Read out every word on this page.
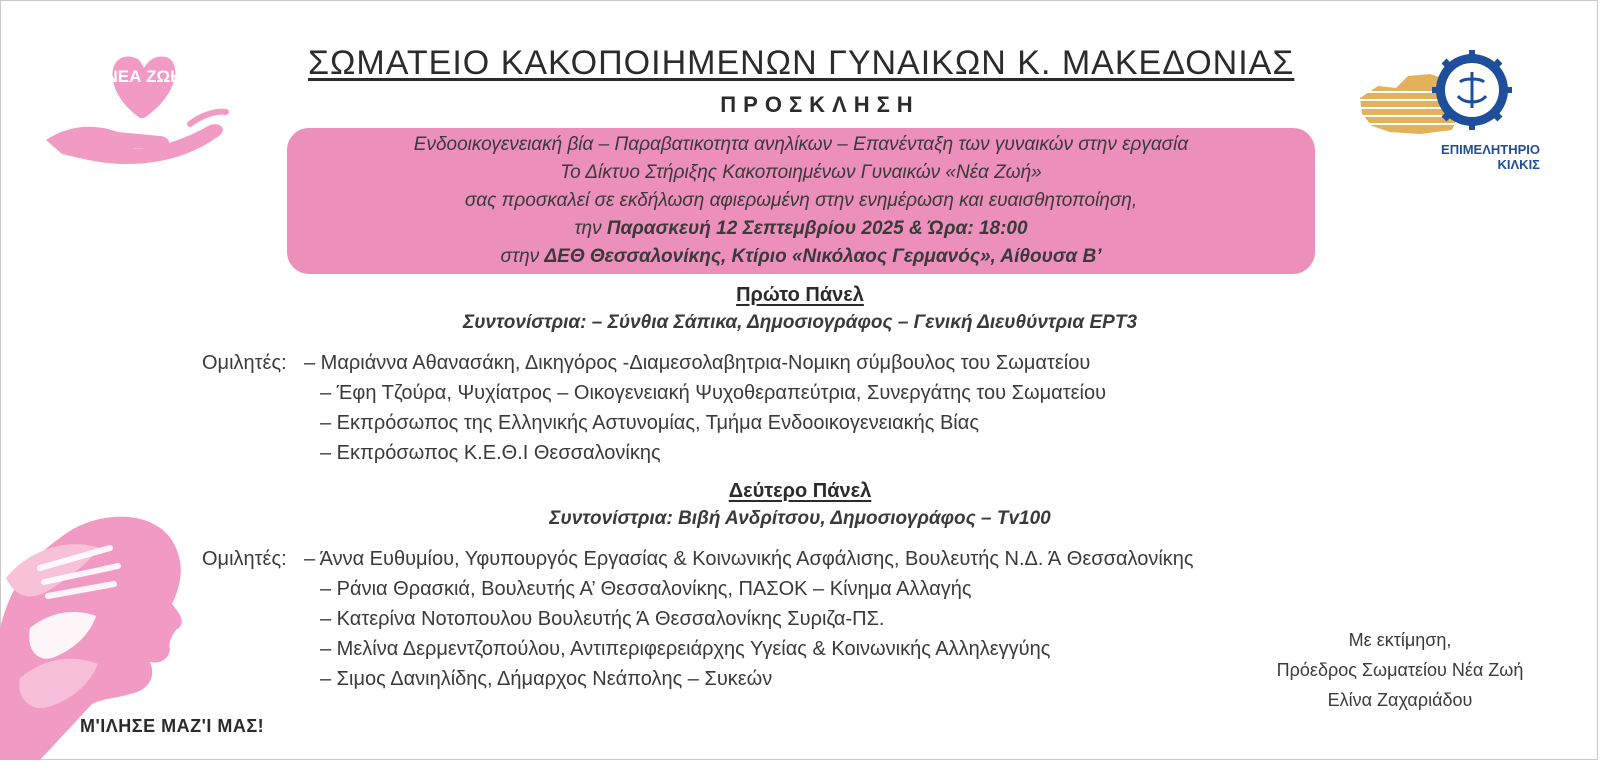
ΝΕΑ ΖΩΗ	ΣΩΜΑΤΕΙΟ ΚΑΚΟΠΟΙΗΜΕΝΩΝ ΓΥΝΑΙΚΩΝ Κ. ΜΑΚΕΔΟΝΙΑΣ
ΠΡΟΣΚΛΗΣΗ
ΕΠΙΜΕΛΗΤΗΡΙΟ
ΚΙΛΚΙΣ
Ενδοοικογενειακή βία – Παραβατικοτητα ανηλίκων – Επανένταξη των γυναικών στην εργασία
Το Δίκτυο Στήριξης Κακοποιημένων Γυναικών «Νέα Ζωή»
σας προσκαλεί σε εκδήλωση αφιερωμένη στην ενημέρωση και ευαισθητοποίηση,
την Παρασκευή 12 Σεπτεμβρίου 2025 & Ώρα: 18:00
στην ΔΕΘ Θεσσαλονίκης, Κτίριο «Νικόλαος Γερμανός», Αίθουσα Β’
Πρώτο Πάνελ
Συντονίστρια: – Σύνθια Σάπικα, Δημοσιογράφος – Γενική Διευθύντρια ΕΡΤ3
Ομιλητές: – Μαριάννα Αθανασάκη, Δικηγόρος -Διαμεσολαβητρια-Νομικη σύμβουλος του Σωματείου
– Έφη Τζούρα, Ψυχίατρος – Οικογενειακή Ψυχοθεραπεύτρια, Συνεργάτης του Σωματείου
– Εκπρόσωπος της Ελληνικής Αστυνομίας, Τμήμα Ενδοοικογενειακής Βίας
– Εκπρόσωπος Κ.Ε.Θ.Ι Θεσσαλονίκης
Δεύτερο Πάνελ
Συντονίστρια: Βιβή Ανδρίτσου, Δημοσιογράφος – Tv100
Ομιλητές: – Άννα Ευθυμίου, Υφυπουργός Εργασίας & Κοινωνικής Ασφάλισης, Βουλευτής Ν.Δ. Ά Θεσσαλονίκης
– Ράνια Θρασκιά, Βουλευτής Α’ Θεσσαλονίκης, ΠΑΣΟΚ – Κίνημα Αλλαγής
– Κατερίνα Νοτοπουλου Βουλευτής Ά Θεσσαλονίκης Συριζα-ΠΣ.
– Μελίνα Δερμεντζοπούλου, Αντιπεριφερειάρχης Υγείας & Κοινωνικής Αλληλεγγύης
– Σιμος Δανιηλίδης, Δήμαρχος Νεάπολης – Συκεών
Με εκτίμηση,
Πρόεδρος Σωματείου Νέα Ζωή
Ελίνα Ζαχαριάδου
Μ'ΙΛΗΣΕ ΜΑΖ'Ι ΜΑΣ!
